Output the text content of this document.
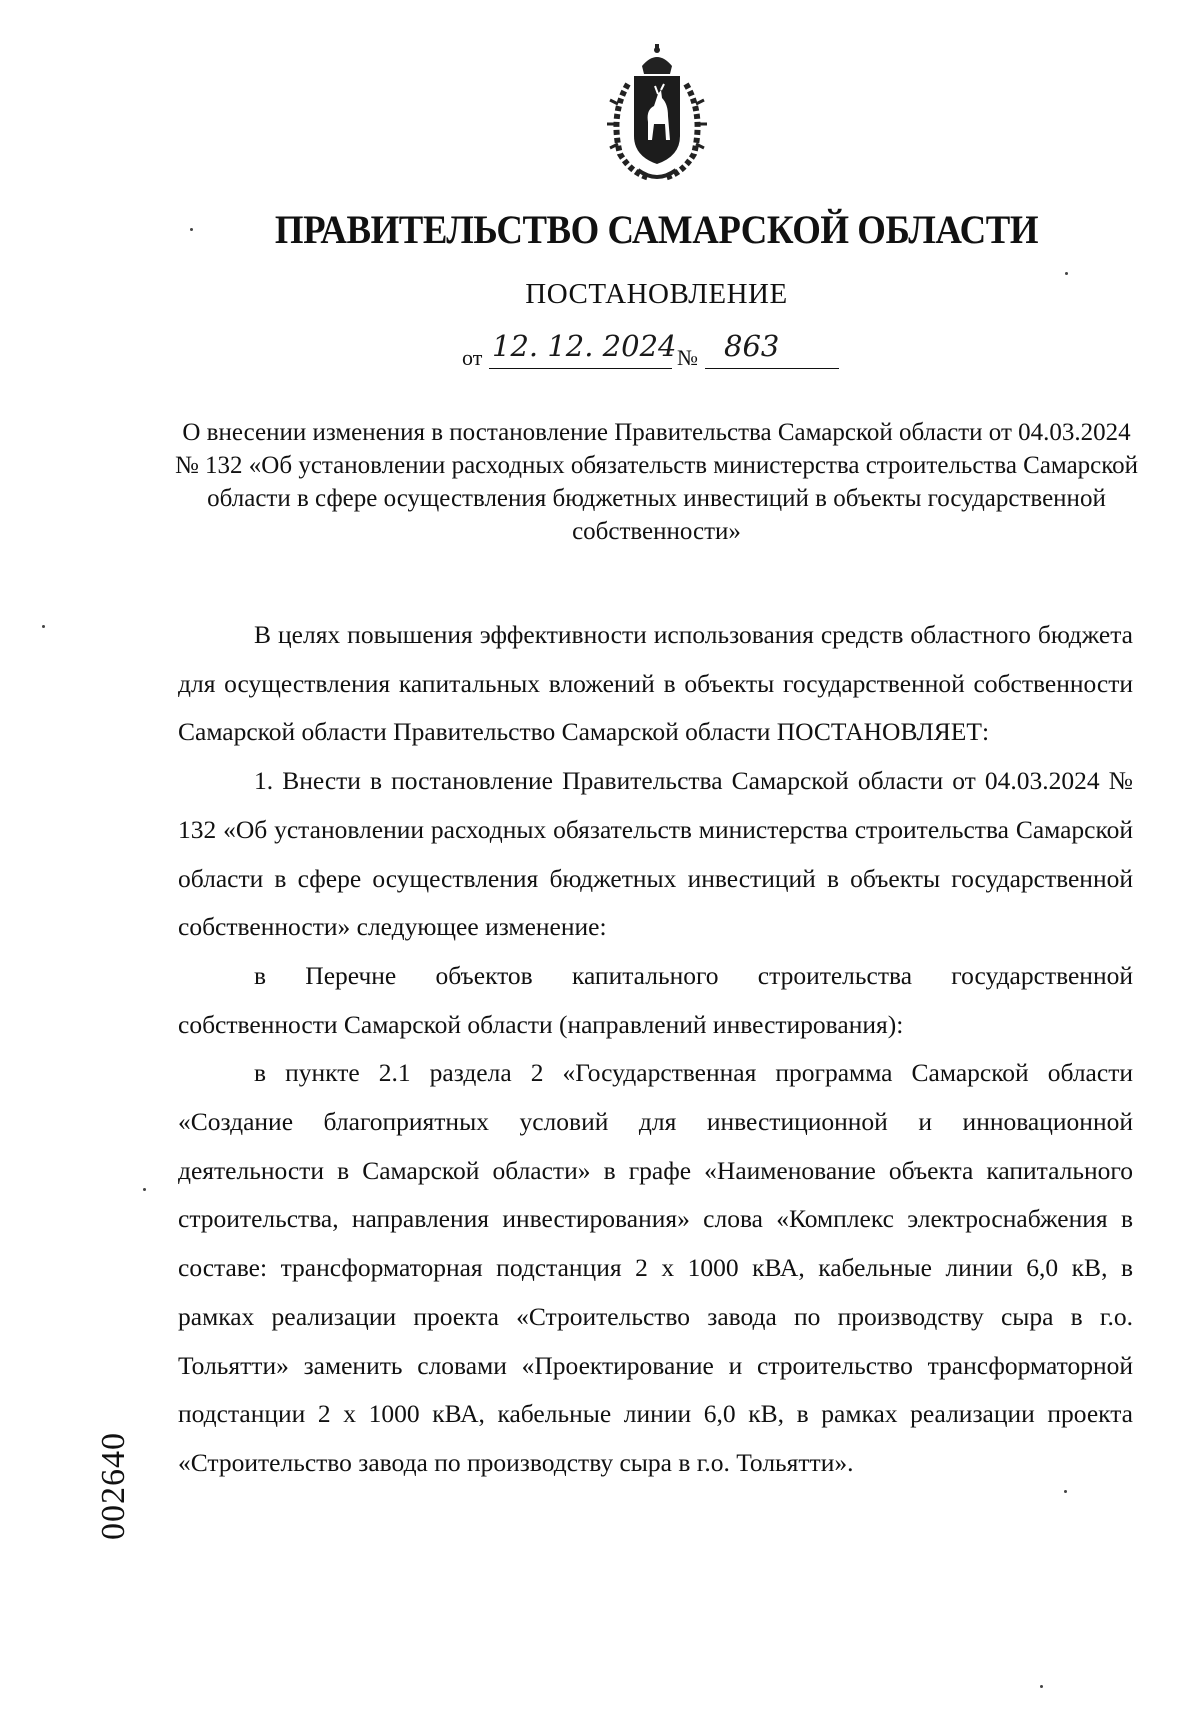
ПРАВИТЕЛЬСТВО САМАРСКОЙ ОБЛАСТИ
ПОСТАНОВЛЕНИЕ
от 12. 12. 2024 № 863
О внесении изменения в постановление Правительства Самарской области от 04.03.2024 № 132 «Об установлении расходных обязательств министерства строительства Самарской области в сфере осуществления бюджетных инвестиций в объекты государственной собственности»

В целях повышения эффективности использования средств областного бюджета для осуществления капитальных вложений в объекты государственной собственности Самарской области Правительство Самарской области ПОСТАНОВЛЯЕТ:

1. Внести в постановление Правительства Самарской области от 04.03.2024 № 132 «Об установлении расходных обязательств министерства строительства Самарской области в сфере осуществления бюджетных инвестиций в объекты государственной собственности» следующее изменение:

в Перечне объектов капитального строительства государственной собственности Самарской области (направлений инвестирования):

в пункте 2.1 раздела 2 «Государственная программа Самарской области «Создание благоприятных условий для инвестиционной и инновационной деятельности в Самарской области» в графе «Наименование объекта капитального строительства, направления инвестирования» слова «Комплекс электроснабжения в составе: трансформаторная подстанция 2 х 1000 кВА, кабельные линии 6,0 кВ, в рамках реализации проекта «Строительство завода по производству сыра в г.о. Тольятти» заменить словами «Проектирование и строительство трансформаторной подстанции 2 х 1000 кВА, кабельные линии 6,0 кВ, в рамках реализации проекта «Строительство завода по производству сыра в г.о. Тольятти».

002640
